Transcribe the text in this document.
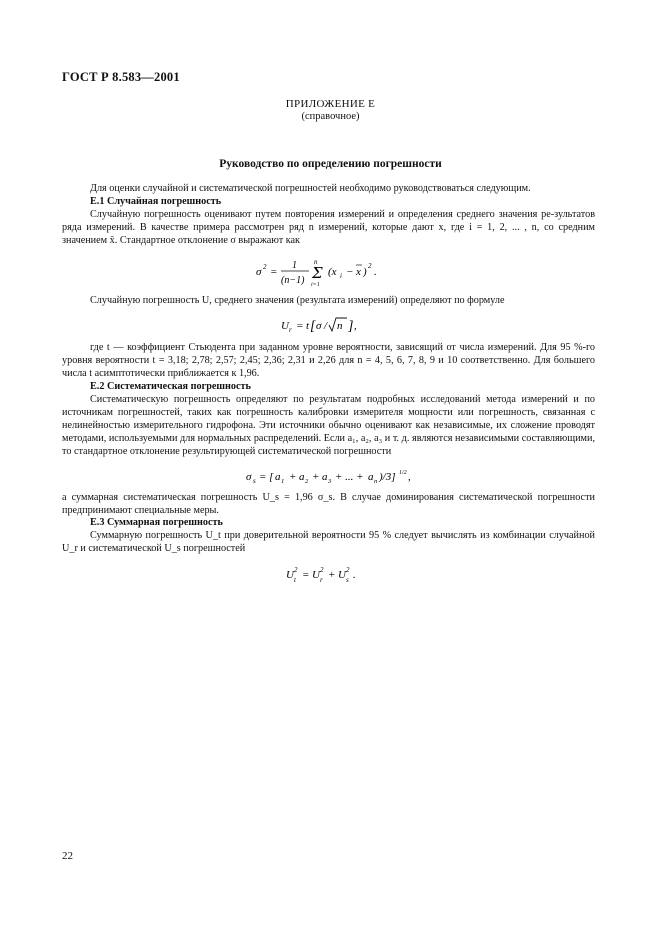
ГОСТ Р 8.583—2001
ПРИЛОЖЕНИЕ Е
(справочное)
Руководство по определению погрешности

Для оценки случайной и систематической погрешностей необходимо руководствоваться следующим.

Е.1 Случайная погрешность

Случайную погрешность оценивают путем повторения измерений и определения среднего значения ре-зультатов ряда измерений. В качестве примера рассмотрен ряд n измерений, которые дают x, где i = 1, 2, ... , n, со средним значением x̄. Стандартное отклонение σ выражают как

σ 2 =
1
(n−1)
n
Σ
i=1
(x i − x ) 2 .

Случайную погрешность U, среднего значения (результата измерений) определяют по формуле

U r = t [ σ / n ] ,

где t — коэффициент Стьюдента при заданном уровне вероятности, зависящий от числа измерений. Для 95 %-го уровня вероятности t = 3,18; 2,78; 2,57; 2,45; 2,36; 2,31 и 2,26 для n = 4, 5, 6, 7, 8, 9 и 10 соответственно. Для большего числа t асимптотически приближается к 1,96.

Е.2 Систематическая погрешность

Систематическую погрешность определяют по результатам подробных исследований метода измерений и по источникам погрешностей, таких как погрешность калибровки измерителя мощности или погрешность, связанная с нелинейностью измерительного гидрофона. Эти источники обычно оценивают как независимые, их сложение проводят методами, используемыми для нормальных распределений. Если a₁, a₂, a₃ и т. д. являются независимыми составляющими, то стандартное отклонение результирующей систематической погрешности

σ s = [ a 1 + a 2 + a 3 + ... + a n )/3] 1/2 ,

а суммарная систематическая погрешность U_s = 1,96 σ_s. В случае доминирования систематической погрешности предпринимают специальные меры.

Е.3 Суммарная погрешность

Суммарную погрешность U_t при доверительной вероятности 95 % следует вычислять из комбинации случайной U_r и систематической U_s погрешностей

U 2
t = U 2
r + U 2
s .
22
